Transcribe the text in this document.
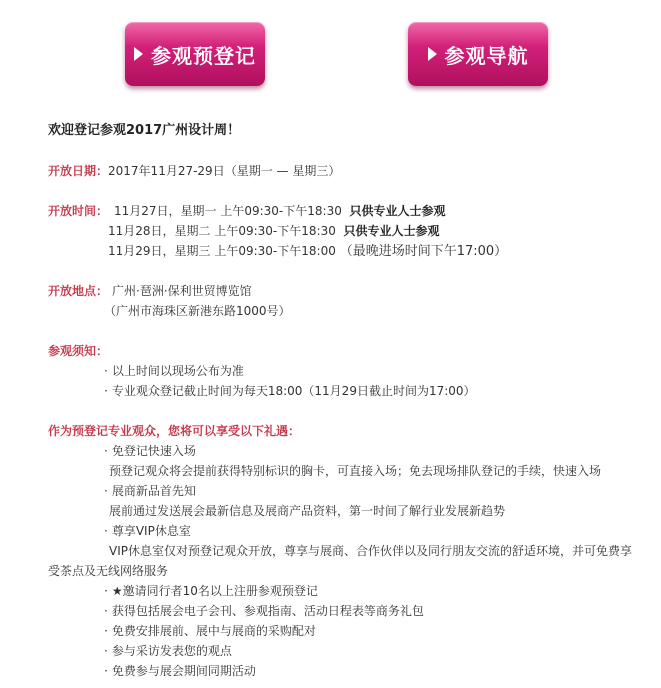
参观预登记	参观导航
欢迎登记参观2017广州设计周！
开放日期：2017年11月27-29日（星期一 — 星期三）
开放时间： 11月27日，星期一 上午09:30-下午18:30 只供专业人士参观
11月28日，星期二 上午09:30-下午18:30 只供专业人士参观
11月29日，星期三 上午09:30-下午18:00 （最晚进场时间下午17:00）
开放地点： 广州·琶洲·保利世贸博览馆
（广州市海珠区新港东路1000号）
参观须知：
· 以上时间以现场公布为准
· 专业观众登记截止时间为每天18:00（11月29日截止时间为17:00）
作为预登记专业观众，您将可以享受以下礼遇：
· 免登记快速入场
预登记观众将会提前获得特别标识的胸卡，可直接入场；免去现场排队登记的手续，快速入场
· 展商新品首先知
展前通过发送展会最新信息及展商产品资料，第一时间了解行业发展新趋势
· 尊享VIP休息室
VIP休息室仅对预登记观众开放，尊享与展商、合作伙伴以及同行朋友交流的舒适环境，并可免费享
受茶点及无线网络服务
· ★邀请同行者10名以上注册参观预登记
· 获得包括展会电子会刊、参观指南、活动日程表等商务礼包
· 免费安排展前、展中与展商的采购配对
· 参与采访发表您的观点
· 免费参与展会期间同期活动
